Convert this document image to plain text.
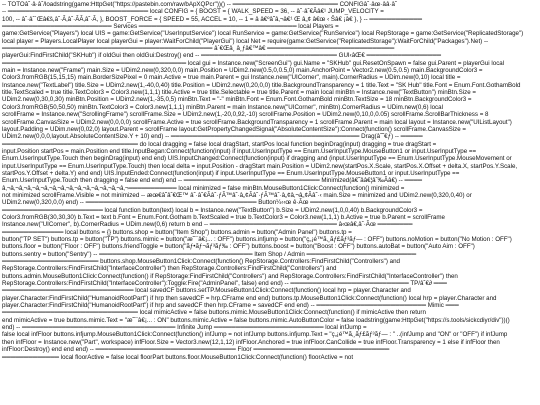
-- TOTOâˆ·â·âˆ/loadstring(game:HttpGet("https://pastebin.com/raw/bApXQPcr"))() -- ════════════════════════ CONFIGâˆ·âœ·ââ·âˆ
-- ════════════════════════════════ local CONFIG = { BOOST = { WALK_SPEED = 36, -- âˆ·âˆ€Ãâ€¹ JUMP_VELOCITY =
100, -- âˆ·âˆ´Œâ€š,âˆ·Ã‚âˆ·ÃÃ‚âˆ·Ã, }, BOOST_FORCE = { SPEED = 55, ACCEL = 10, -- 1 = â â€ºâ˜â‚¬â€¹ Œ â„¢ â€œ ‹ Šâ€ ¡â€ }, } -- ════════════
═════════════════════════ Services ════════════════════════════════════ local Players =
game:GetService("Players") local UIS = game:GetService("UserInputService") local RunService = game:GetService("RunService") local RepStorage = game:GetService("ReplicatedStorage")
local player = Players.LocalPlayer local playerGui = player:WaitForChild("PlayerGui") local Net = require(game:GetService("ReplicatedStorage"):WaitForChild("Packages").Net) --
════════════════════════════════════════════════ â´€Œâ¸ â¸ƒâ€™â€ ═════════════════════════════
playerGui:FindFirstChild("SKHub") if oldGui then oldGui:Destroy() end -- ═══════════════════════════════ GUI‹âŒ€ ═════════════════
══════════════════════════════════════════ local gui = Instance.new("ScreenGui") gui.Name = "SKHub" gui.ResetOnSpawn = false gui.Parent = playerGui local
main = Instance.new("Frame") main.Size = UDim2.new(0,320,0,0) main.Position = UDim2.new(0.5,0,0.5,0) main.AnchorPoint = Vector2.new(0.5,0.5) main.BackgroundColor3 =
Color3.fromRGB(15,15,15) main.BorderSizePixel = 0 main.Active = true main.Parent = gui Instance.new("UICorner", main).CornerRadius = UDim.new(0,10) local title =
Instance.new("TextLabel") title.Size = UDim2.new(1,-40,0,40) title.Position = UDim2.new(0,20,0,0) title.BackgroundTransparency = 1 title.Text = "SK Hub" title.Font = Enum.Font.GothamBold
title.TextScaled = true title.TextColor3 = Color3.new(1,1,1) title.Active = true title.Selectable = true title.Parent = main local minBtn = Instance.new("TextButton") minBtn.Size =
UDim2.new(0,30,0,30) minBtn.Position = UDim2.new(1,-35,0,5) minBtn.Text = "-" minBtn.Font = Enum.Font.GothamBold minBtn.TextSize = 18 minBtn.BackgroundColor3 =
Color3.fromRGB(50,50,50) minBtn.TextColor3 = Color3.new(1,1,1) minBtn.Parent = main Instance.new("UICorner", minBtn).CornerRadius = UDim.new(0,6) local
scrollFrame = Instance.new("ScrollingFrame") scrollFrame.Size = UDim2.new(1,-20,0,92,-10) scrollFrame.Position = UDim2.new(0,10,0,0.05) scrollFrame.ScrollBarThickness = 8
scrollFrame.CanvasSize = UDim2.new(0,0,0,0) scrollFrame.Active = true scrollFrame.BackgroundTransparency = 1 scrollFrame.Parent = main local layout = Instance.new("UIListLayout")
layout.Padding = UDim.new(0,02,0) layout.Parent = scrollFrame layout:GetPropertyChangedSignal("AbsoluteContentSize"):Connect(function() scrollFrame.CanvasSize =
UDim2.new(0,0,0,layout.AbsoluteContentSize.Y + 10) end) -- ═══════════════════════════════════════════ Drag(âˆ˜€ƒ) -- ═════
═══════════════════════════════ do local dragging = false local dragStart, startPos local function beginDrag(input) dragging = true dragStart =
input.Position startPos = main.Position end title.InputBegan:Connect(function(input) if input.UserInputType == Enum.UserInputType.MouseButton1 or input.UserInputType ==
Enum.UserInputType.Touch then beginDrag(input) end end) UIS.InputChanged:Connect(function(input) if dragging and (input.UserInputType == Enum.UserInputType.MouseMovement or
input.UserInputType == Enum.UserInputType.Touch) then local delta = input.Position - dragStart main.Position = UDim2.new(startPos.X.Scale, startPos.X.Offset + delta.X, startPos.Y.Scale,
startPos.Y.Offset + delta.Y) end end) UIS.InputEnded:Connect(function(input) if input.UserInputType == Enum.UserInputType.MouseButton1 or input.UserInputType ==
Enum.UserInputType.Touch then dragging = false end end) end -- ═══════════════════════════════ Minimized(â€˜ââ€¦âˆ‰Ãâ€) -- ════
â‚¬â‚¬â‚¬â‚¬â‚¬â‚¬â‚¬â‚¬â‚¬â‚¬â‚¬â‚¬â‚¬â‚¬â‚¬═══════════ local minimized = false minBtn.MouseButton1Click:Connect(function() minimized =
not minimized scrollFrame.Visible = not minimized -- æœ€â˜âˆ€Œ™ âˆ·âˆ€Ãâˆ·ƒÃ™âˆ·â„¢Ãâˆ·ƒÃ™âˆ·â„¢â‚¬â„¢Ãâˆ·‹ main.Size = minimized and UDim2.new(0,320,0,40) or
UDim2.new(0,320,0,0) end) -- ═══════════════════════════════════════ Button¼‹‹œ ê·Ãœ ═══════════════════════
═══════════════════════ local function button(text) local b = Instance.new("TextButton") b.Size = UDim2.new(1,0,0,40) b.BackgroundColor3 =
Color3.fromRGB(30,30,30) b.Text = text b.Font = Enum.Font.Gotham b.TextScaled = true b.TextColor3 = Color3.new(1,1,1) b.Active = true b.Parent = scrollFrame
Instance.new("UICorner", b).CornerRadius = UDim.new(0,6) return b end -- ═════════════════════════════ â‹œâ€‚âˆ·Ãœ ════════
══════════════ local buttons = {} buttons.shop = button("Item Shop") buttons.admin = button("Admin Panel") buttons.tp =
button("TP SET") buttons.tp = button("TP") buttons.mimic = button("æ˜¯â€¡... : OFF") buttons.infjump = button("ç„¡é™ã‚¸ãƒ£ãƒ³ãƒ— : OFF") buttons.noMotion = button("No Motion : OFF")
buttons.floor = button("Floor : OFF") buttons.friendToggle = button("ãƒ•ãƒ¬ãƒ³ãƒ‰ : OFF") buttons.boost = button("Boost : OFF") buttons.autoBat = button("Auto Aim : OFF")
buttons.sentry = button("Sentry") -- ═══════════════════════════════════ Item Shop / Admin ═════════════════════════
══════════════════════ buttons.shop.MouseButton1Click:Connect(function() RepStorage.Controllers:FindFirstChild("Controllers") and
RepStorage.Controllers:FindFirstChild("InterfaceController") then RepStorage.Controllers:FindFirstChild("Controllers") and
buttons.admin.MouseButton1Click:Connect(function() if RepStorage:FindFirstChild("Controllers") and RepStorage.Controllers:FindFirstChild("InterfaceController") then
RepStorage.Controllers:FindFirstChild("InterfaceController"):Toggle:Fire("AdminPanel", false) end end) -- ═══════════════════════════ TP/âˆ€∂ ═══
══════════════════════════════ local savedCF buttons.setTP.MouseButton1Click:Connect(function() local hrp = player.Character and
player.Character:FindFirstChild("HumanoidRootPart") if hrp then savedCF = hrp.CFrame end end) buttons.tp.MouseButton1Click:Connect(function() local hrp = player.Character and
player.Character:FindFirstChild("HumanoidRootPart") if hrp and savedCF then hrp.CFrame = savedCF end end) -- ═════════════════════════ Mimic ═══
═══════════════════════════════ local mimicActive = false buttons.mimic.MouseButton1Click:Connect(function() if mimicActive then return
end mimicActive = true buttons.mimic.Text = "æ˜¯â€¡... : ON" buttons.mimic.Active = false buttons.mimic.AutoButtonColor = false loadstring(game:HttpGet("https://s.tools/sickcdiyr/div"))()
end) -- ═══════════════════════════════════ Infinite Jump ═════════════════════════ local infJump =
false local infFloor buttons.infjump.MouseButton1Click:Connect(function() infJump = not infJump buttons.infjump.Text = "ç„¡é™ã‚¸ãƒ£ãƒ³ãƒ— : " ..(infJump and "ON" or "OFF") if infJump
then infFloor = Instance.new("Part", workspace) infFloor.Size = Vector3.new(12,1,12) infFloor.Anchored = true infFloor.CanCollide = true infFloor.Transparency = 1 else if infFloor then
infFloor:Destroy() end end end) -- ════════════════════════════════ Floor ═══════════════════════════════
═════════════ local floorActive = false local floorPart buttons.floor.MouseButton1Click:Connect(function() floorActive = not
